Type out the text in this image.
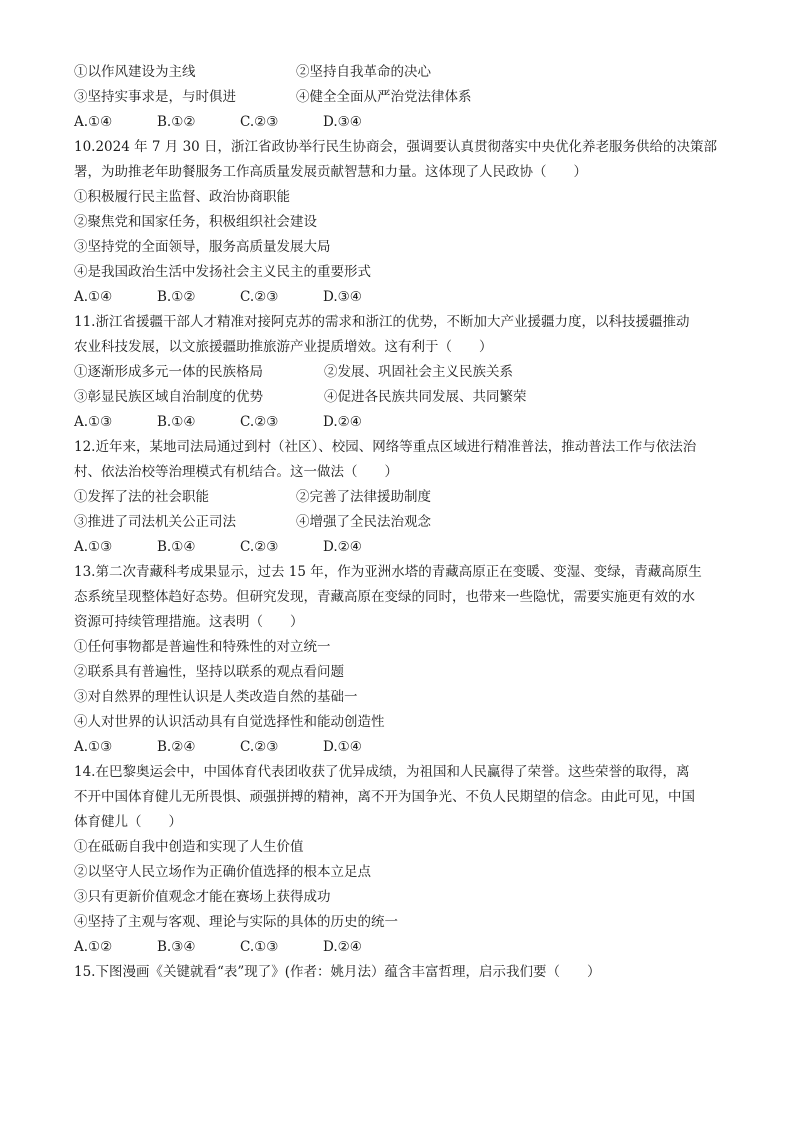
①以作风建设为主线	②坚持自我革命的决心
③坚持实事求是，与时俱进	④健全全面从严治党法律体系
A.①④	B.①②	C.②③	D.③④
10.2024 年 7 月 30 日，浙江省政协举行民生协商会，强调要认真贯彻落实中央优化养老服务供给的决策部
署，为助推老年助餐服务工作高质量发展贡献智慧和力量。这体现了人民政协（　　）
①积极履行民主监督、政治协商职能
②聚焦党和国家任务，积极组织社会建设
③坚持党的全面领导，服务高质量发展大局
④是我国政治生活中发扬社会主义民主的重要形式
A.①④	B.①②	C.②③	D.③④
11.浙江省援疆干部人才精准对接阿克苏的需求和浙江的优势，不断加大产业援疆力度，以科技援疆推动
农业科技发展，以文旅援疆助推旅游产业提质增效。这有利于（　　）
①逐渐形成多元一体的民族格局	②发展、巩固社会主义民族关系
③彰显民族区域自治制度的优势	④促进各民族共同发展、共同繁荣
A.①③	B.①④	C.②③	D.②④
12.近年来，某地司法局通过到村（社区）、校园、网络等重点区域进行精准普法，推动普法工作与依法治
村、依法治校等治理模式有机结合。这一做法（　　）
①发挥了法的社会职能	②完善了法律援助制度
③推进了司法机关公正司法	④增强了全民法治观念
A.①③	B.①④	C.②③	D.②④
13.第二次青藏科考成果显示，过去 15 年，作为亚洲水塔的青藏高原正在变暖、变湿、变绿，青藏高原生
态系统呈现整体趋好态势。但研究发现，青藏高原在变绿的同时，也带来一些隐忧，需要实施更有效的水
资源可持续管理措施。这表明（　　）
①任何事物都是普遍性和特殊性的对立统一
②联系具有普遍性，坚持以联系的观点看问题
③对自然界的理性认识是人类改造自然的基础一
④人对世界的认识活动具有自觉选择性和能动创造性
A.①③	B.②④	C.②③	D.①④
14.在巴黎奥运会中，中国体育代表团收获了优异成绩，为祖国和人民赢得了荣誉。这些荣誉的取得，离
不开中国体育健儿无所畏惧、顽强拼搏的精神，离不开为国争光、不负人民期望的信念。由此可见，中国
体育健儿（　　）
①在砥砺自我中创造和实现了人生价值
②以坚守人民立场作为正确价值选择的根本立足点
③只有更新价值观念才能在赛场上获得成功
④坚持了主观与客观、理论与实际的具体的历史的统一
A.①②	B.③④	C.①③	D.②④
15.下图漫画《关键就看“表”现了》(作者：姚月法）蕴含丰富哲理，启示我们要（　　）
